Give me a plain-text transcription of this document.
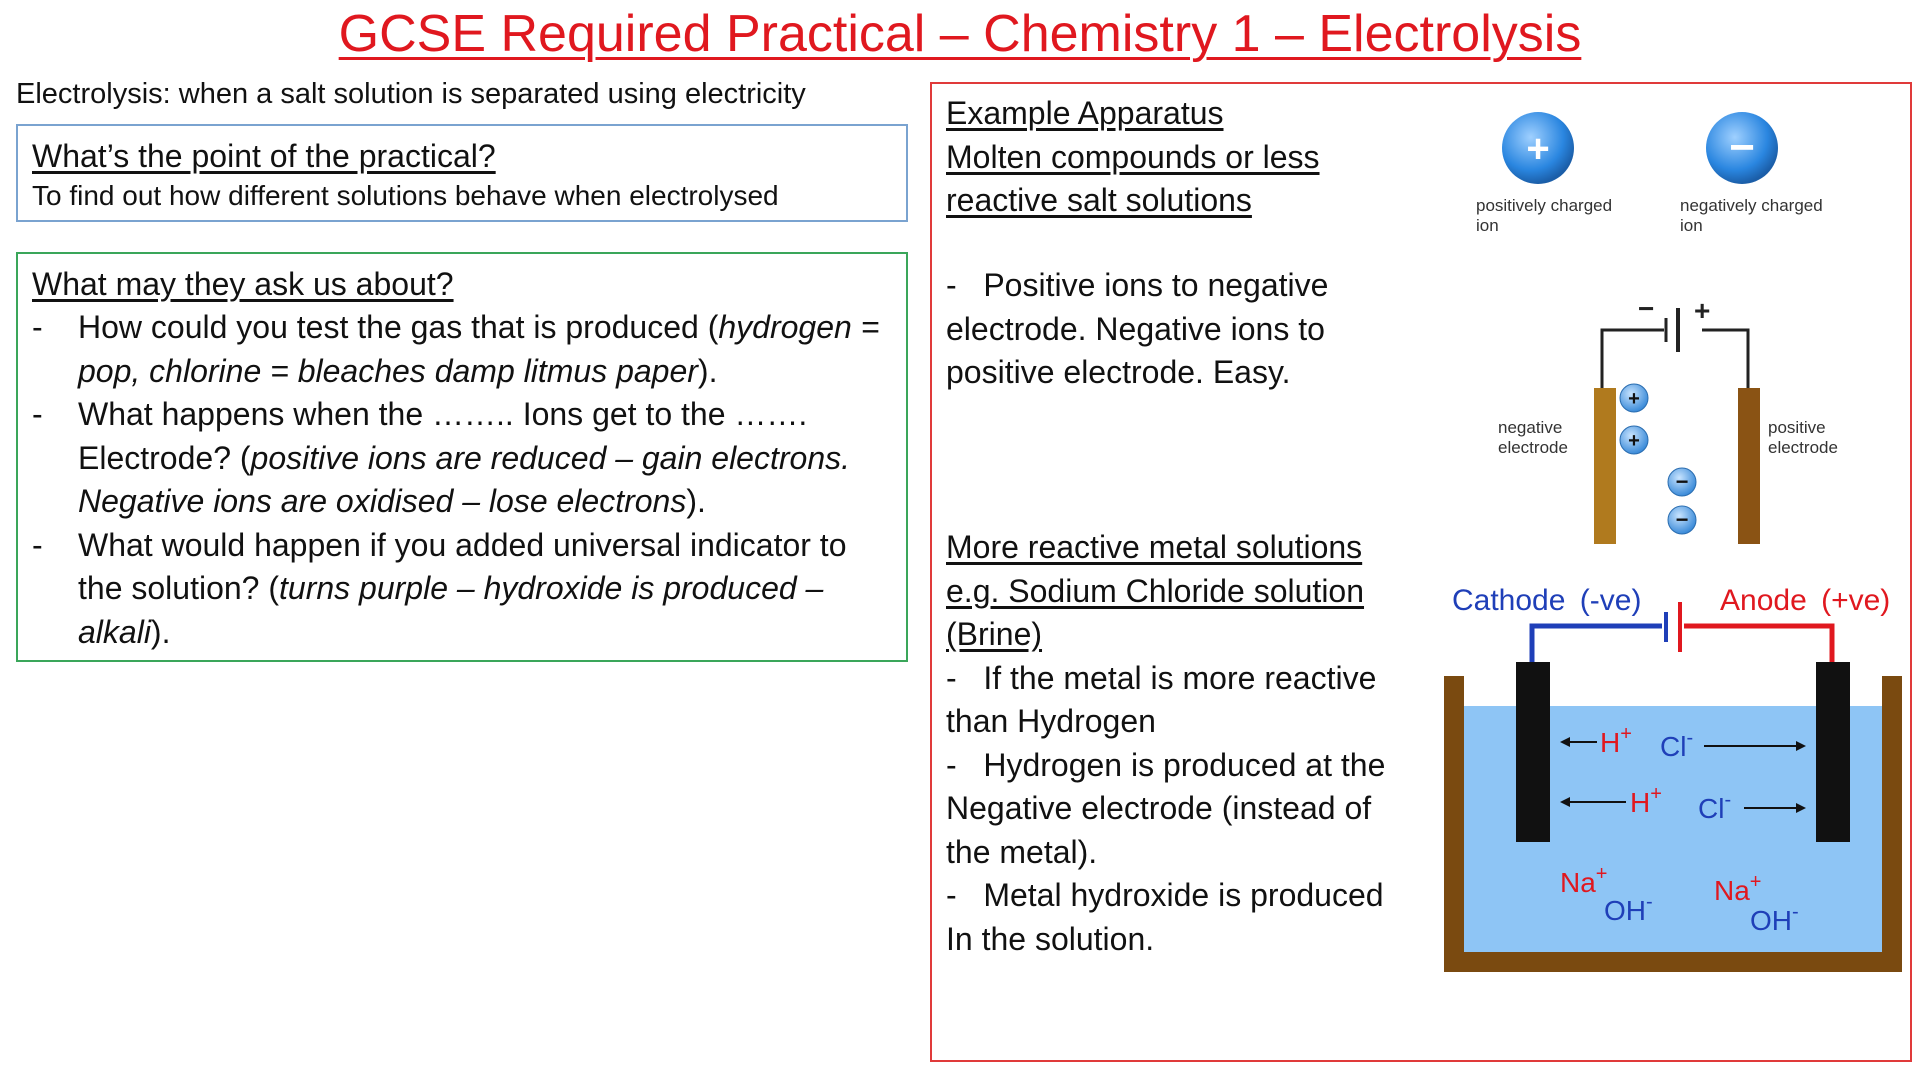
GCSE Required Practical – Chemistry 1 – Electrolysis
Electrolysis: when a salt solution is separated using electricity

What’s the point of the practical?

To find out how different solutions behave when electrolysed

What may they ask us about?

- How could you test the gas that is produced (hydrogen = pop, chlorine = bleaches damp litmus paper).
- What happens when the …….. Ions get to the ……. Electrode? (positive ions are reduced – gain electrons. Negative ions are oxidised – lose electrons).
- What would happen if you added universal indicator to the solution? (turns purple – hydroxide is produced – alkali).
Example Apparatus
Molten compounds or less reactive salt solutions
-   Positive ions to negative electrode. Negative ions to positive electrode. Easy.
More reactive metal solutions e.g. Sodium Chloride solution (Brine)
-   If the metal is more reactive than Hydrogen
-   Hydrogen is produced at the Negative electrode (instead of the metal).
-   Metal hydroxide is produced In the solution.
+	−
positively charged ion
negatively charged ion
− +
+
+
−
−
negative electrode
positive electrode
Cathode (-ve)	Anode (+ve)
H+
H+
Cl-
Cl-
Na+
OH- Na+
OH-
